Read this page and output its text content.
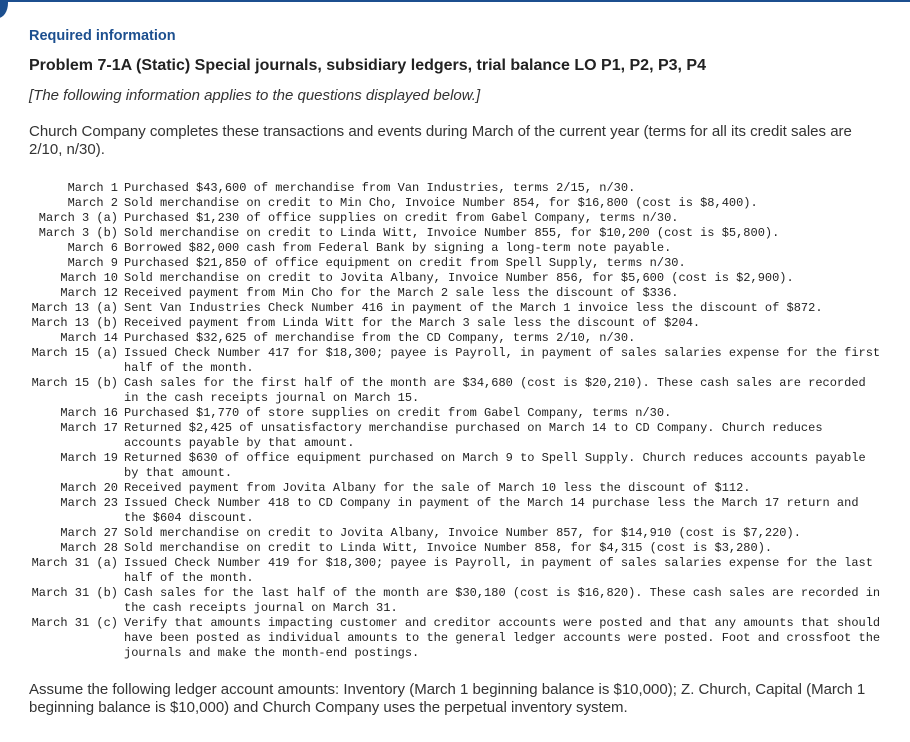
Required information
Problem 7-1A (Static) Special journals, subsidiary ledgers, trial balance LO P1, P2, P3, P4
[The following information applies to the questions displayed below.]
Church Company completes these transactions and events during March of the current year (terms for all its credit sales are 2/10, n/30).
March 1	Purchased $43,600 of merchandise from Van Industries, terms 2/15, n/30.
March 2	Sold merchandise on credit to Min Cho, Invoice Number 854, for $16,800 (cost is $8,400).
March 3 (a)	Purchased $1,230 of office supplies on credit from Gabel Company, terms n/30.
March 3 (b)	Sold merchandise on credit to Linda Witt, Invoice Number 855, for $10,200 (cost is $5,800).
March 6	Borrowed $82,000 cash from Federal Bank by signing a long-term note payable.
March 9	Purchased $21,850 of office equipment on credit from Spell Supply, terms n/30.
March 10	Sold merchandise on credit to Jovita Albany, Invoice Number 856, for $5,600 (cost is $2,900).
March 12	Received payment from Min Cho for the March 2 sale less the discount of $336.
March 13 (a)	Sent Van Industries Check Number 416 in payment of the March 1 invoice less the discount of $872.
March 13 (b)	Received payment from Linda Witt for the March 3 sale less the discount of $204.
March 14	Purchased $32,625 of merchandise from the CD Company, terms 2/10, n/30.
March 15 (a)	Issued Check Number 417 for $18,300; payee is Payroll, in payment of sales salaries expense for the first half of the month.
March 15 (b)	Cash sales for the first half of the month are $34,680 (cost is $20,210). These cash sales are recorded in the cash receipts journal on March 15.
March 16	Purchased $1,770 of store supplies on credit from Gabel Company, terms n/30.
March 17	Returned $2,425 of unsatisfactory merchandise purchased on March 14 to CD Company. Church reduces accounts payable by that amount.
March 19	Returned $630 of office equipment purchased on March 9 to Spell Supply. Church reduces accounts payable by that amount.
March 20	Received payment from Jovita Albany for the sale of March 10 less the discount of $112.
March 23	Issued Check Number 418 to CD Company in payment of the March 14 purchase less the March 17 return and the $604 discount.
March 27	Sold merchandise on credit to Jovita Albany, Invoice Number 857, for $14,910 (cost is $7,220).
March 28	Sold merchandise on credit to Linda Witt, Invoice Number 858, for $4,315 (cost is $3,280).
March 31 (a)	Issued Check Number 419 for $18,300; payee is Payroll, in payment of sales salaries expense for the last half of the month.
March 31 (b)	Cash sales for the last half of the month are $30,180 (cost is $16,820). These cash sales are recorded in the cash receipts journal on March 31.
March 31 (c)	Verify that amounts impacting customer and creditor accounts were posted and that any amounts that should have been posted as individual amounts to the general ledger accounts were posted. Foot and crossfoot the journals and make the month-end postings.
Assume the following ledger account amounts: Inventory (March 1 beginning balance is $10,000); Z. Church, Capital (March 1 beginning balance is $10,000) and Church Company uses the perpetual inventory system.
